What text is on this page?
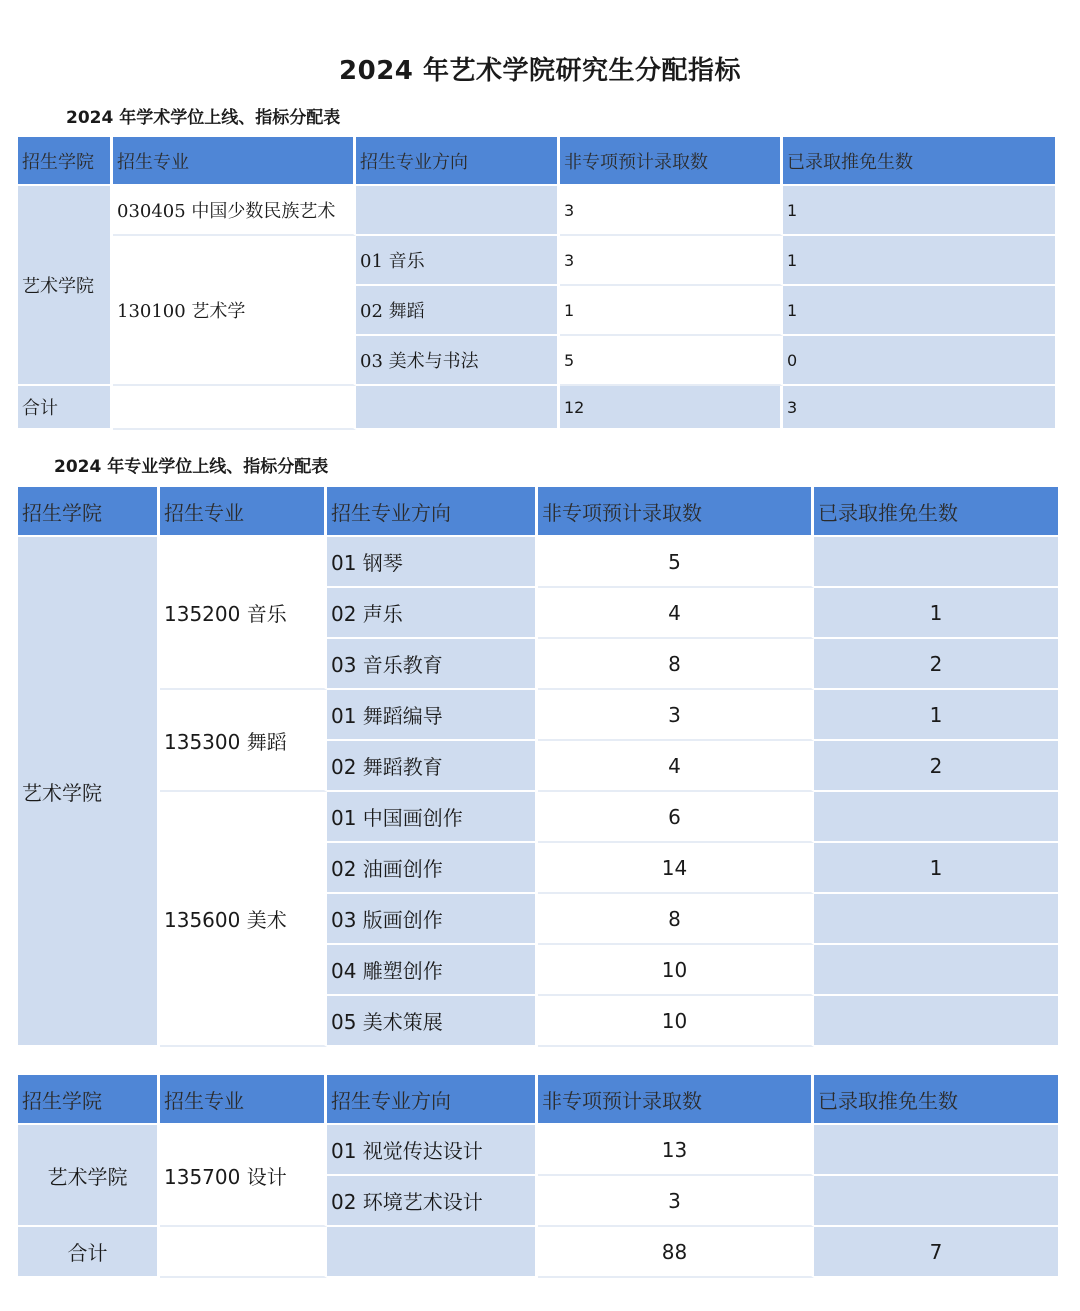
2024 年艺术学院研究生分配指标
2024 年学术学位上线、指标分配表
招生学院	招生专业	招生专业方向	非专项预计录取数	已录取推免生数
艺术学院	030405 中国少数民族艺术		3	1
	130100 艺术学	01 音乐	3	1
		02 舞蹈	1	1
		03 美术与书法	5	0
合计			12	3
2024 年专业学位上线、指标分配表
招生学院	招生专业	招生专业方向	非专项预计录取数	已录取推免生数
艺术学院	135200 音乐	01 钢琴	5	
		02 声乐	4	1
		03 音乐教育	8	2
	135300 舞蹈	01 舞蹈编导	3	1
		02 舞蹈教育	4	2
	135600 美术	01 中国画创作	6	
		02 油画创作	14	1
		03 版画创作	8	
		04 雕塑创作	10	
		05 美术策展	10	
招生学院	招生专业	招生专业方向	非专项预计录取数	已录取推免生数
艺术学院	135700 设计	01 视觉传达设计	13	
		02 环境艺术设计	3	
合计			88	7
